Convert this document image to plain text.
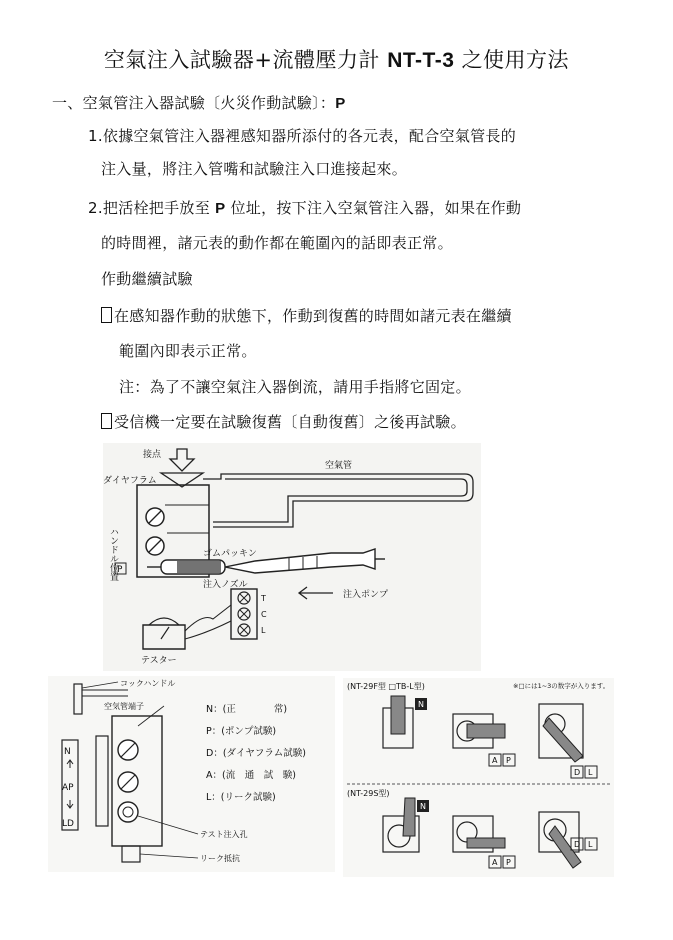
空氣注入試驗器+流體壓力計 NT-T-3 之使用方法
一、空氣管注入器試驗〔火災作動試驗〕：P
1.依據空氣管注入器裡感知器所添付的各元表，配合空氣管長的
注入量，將注入管嘴和試驗注入口進接起來。
2.把活栓把手放至 P 位址，按下注入空氣管注入器，如果在作動
的時間裡，諸元表的動作都在範圍內的話即表正常。
作動繼續試驗
在感知器作動的狀態下，作動到復舊的時間如諸元表在繼續
範圍內即表示正常。
注：為了不讓空氣注入器倒流，請用手指將它固定。
受信機一定要在試驗復舊〔自動復舊〕之後再試驗。
接点
空氣管
ダイヤフラム
ハンドル位置 P
ゴムパッキン
注入ノズル
注入ポンプ
テスター
T
C
L
N
AP
LD
コックハンドル
空気管端子
テスト注入孔
リーク抵抗
N：(正　　　　常)
P：(ポンプ試験)
D：(ダイヤフラム試験)
A：(流　通　試　験)
L：(リーク試験)
(NT-29F型 □TB-L型)	※□には1~3の数字が入ります。
N
A P
D L
(NT-29S型)
N
A P
D L
